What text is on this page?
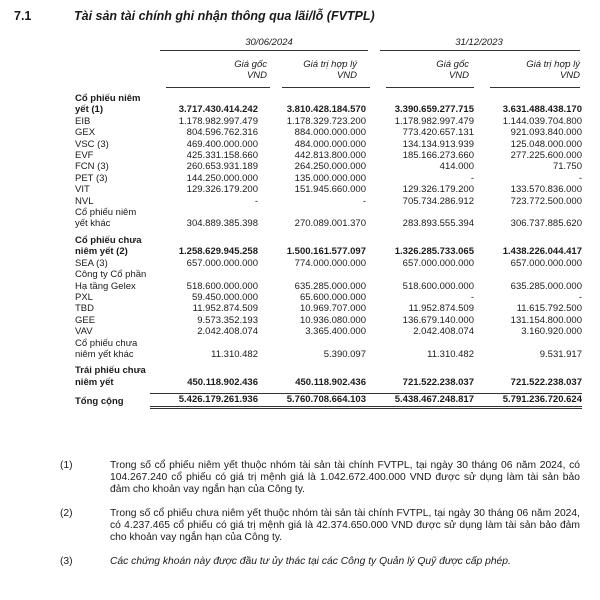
7.1	Tài sản tài chính ghi nhận thông qua lãi/lỗ (FVTPL)
30/06/2024	31/12/2023
Giá gốc
VND
Giá trị hợp lý
VND
Giá gốc
VND
Giá trị hợp lý
VND
Cổ phiếu niêm				
yết (1)	3.717.430.414.242	3.810.428.184.570	3.390.659.277.715	3.631.488.438.170
EIB	1.178.982.997.479	1.178.329.723.200	1.178.982.997.479	1.144.039.704.800
GEX	804.596.762.316	884.000.000.000	773.420.657.131	921.093.840.000
VSC (3)	469.400.000.000	484.000.000.000	134.134.913.939	125.048.000.000
EVF	425.331.158.660	442.813.800.000	185.166.273.660	277.225.600.000
FCN (3)	260.653.931.189	264.250.000.000	414.000	71.750
PET (3)	144.250.000.000	135.000.000.000	-	-
VIT	129.326.179.200	151.945.660.000	129.326.179.200	133.570.836.000
NVL	-	-	705.734.286.912	723.772.500.000
Cổ phiếu niêm				
yết khác	304.889.385.398	270.089.001.370	283.893.555.394	306.737.885.620

Cổ phiếu chưa				
niêm yết (2)	1.258.629.945.258	1.500.161.577.097	1.326.285.733.065	1.438.226.044.417
SEA (3)	657.000.000.000	774.000.000.000	657.000.000.000	657.000.000.000
Công ty Cổ phần				
Hạ tầng Gelex	518.600.000.000	635.285.000.000	518.600.000.000	635.285.000.000
PXL	59.450.000.000	65.600.000.000	-	-
TBD	11.952.874.509	10.969.707.000	11.952.874.509	11.615.792.500
GEE	9.573.352.193	10.936.080.000	136.679.140.000	131.154.800.000
VAV	2.042.408.074	3.365.400.000	2.042.408.074	3.160.920.000
Cổ phiếu chưa				
niêm yết khác	11.310.482	5.390.097	11.310.482	9.531.917

Trái phiếu chưa				
niêm yết	450.118.902.436	450.118.902.436	721.522.238.037	721.522.238.037

Tổng cộng	5.426.179.261.936	5.760.708.664.103	5.438.467.248.817	5.791.236.720.624
(1)	Trong số cổ phiếu niêm yết thuộc nhóm tài sản tài chính FVTPL, tại ngày 30 tháng 06 năm 2024, có 104.267.240 cổ phiếu có giá trị mệnh giá là 1.042.672.400.000 VND được sử dụng làm tài sản bảo đảm cho khoản vay ngắn hạn của Công ty.
(2)	Trong số cổ phiếu chưa niêm yết thuộc nhóm tài sản tài chính FVTPL, tại ngày 30 tháng 06 năm 2024, có 4.237.465 cổ phiếu có giá trị mệnh giá là 42.374.650.000 VND được sử dụng làm tài sản bảo đảm cho khoản vay ngắn hạn của Công ty.
(3)	Các chứng khoán này được đầu tư ủy thác tại các Công ty Quản lý Quỹ được cấp phép.
